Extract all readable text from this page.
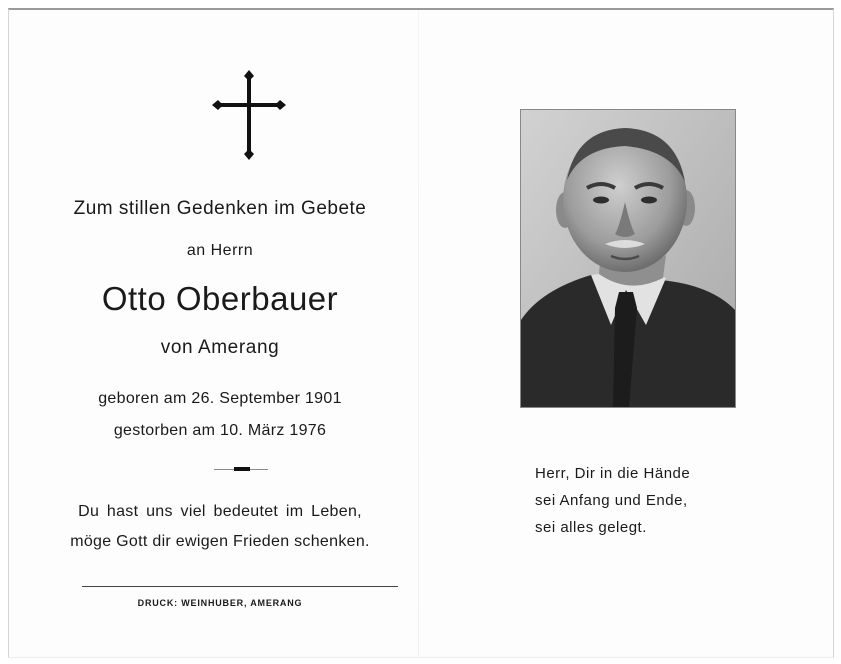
Zum stillen Gedenken im Gebete
an Herrn
Otto Oberbauer
von Amerang
geboren am 26. September 1901
gestorben am 10. März 1976
Du hast uns viel bedeutet im Leben,
möge Gott dir ewigen Frieden schenken.
DRUCK: WEINHUBER, AMERANG
Herr, Dir in die Hände
sei Anfang und Ende,
sei alles gelegt.
